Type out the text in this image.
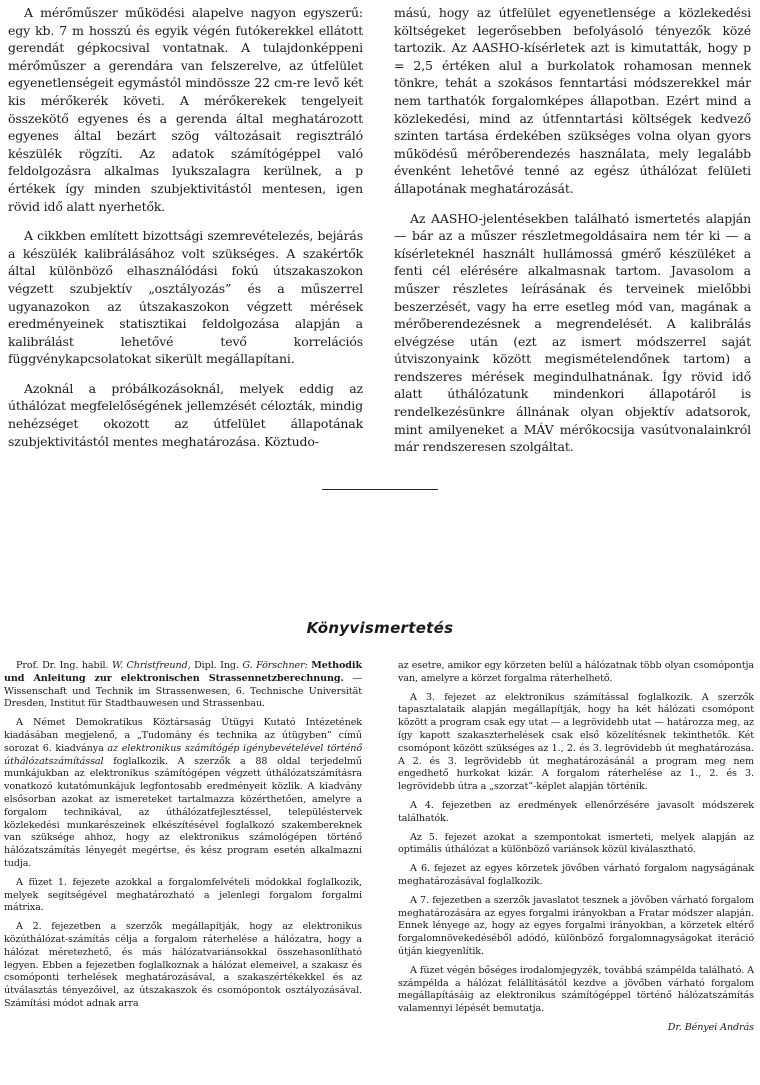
A mérőműszer működési alapelve nagyon egyszerű: egy kb. 7 m hosszú és egyik végén futókerekkel ellátott gerendát gépkocsival vontatnak. A tulajdonképpeni mérőműszer a gerendára van felszerelve, az útfelület egyenetlenségeit egymástól mindössze 22 cm-re levő két kis mérőkerék követi. A mérőkerekek tengelyeit összekötő egyenes és a gerenda által meghatározott egyenes által bezárt szög változásait regisztráló készülék rögzíti. Az adatok számítógéppel való feldolgozásra alkalmas lyukszalagra kerülnek, a p értékek így minden szubjektivitástól mentesen, igen rövid idő alatt nyerhetők.

A cikkben említett bizottsági szemrevételezés, bejárás a készülék kalibrálásához volt szükséges. A szakértők által különböző elhasználódási fokú útszakaszokon végzett szubjektív „osztályozás” és a műszerrel ugyanazokon az útszakaszokon végzett mérések eredményeinek statisztikai feldolgozása alapján a kalibrálást lehetővé tevő korrelációs függvénykapcsolatokat sikerült megállapítani.

Azoknál a próbálkozásoknál, melyek eddig az úthálózat megfelelőségének jellemzését célozták, mindig nehézséget okozott az útfelület állapotának szubjektivitástól mentes meghatározása. Köztudo-

mású, hogy az útfelület egyenetlensége a közlekedési költségeket legerősebben befolyásoló tényezők közé tartozik. Az AASHO-kísérletek azt is kimutatták, hogy p = 2,5 értéken alul a burkolatok rohamosan mennek tönkre, tehát a szokásos fenntartási módszerekkel már nem tarthatók forgalomképes állapotban. Ezért mind a közlekedési, mind az útfenntartási költségek kedvező szinten tartása érdekében szükséges volna olyan gyors működésű mérőberendezés használata, mely legalább évenként lehetővé tenné az egész úthálózat felületi állapotának meghatározását.

Az AASHO-jelentésekben található ismertetés alapján — bár az a műszer részletmegoldásaira nem tér ki — a kísérleteknél használt hullámossá gmérő készüléket a fenti cél elérésére alkalmasnak tartom. Javasolom a műszer részletes leírásának és terveinek mielőbbi beszerzését, vagy ha erre esetleg mód van, magának a mérőberendezésnek a megrendelését. A kalibrálás elvégzése után (ezt az ismert módszerrel saját útviszonyaink között megismételendőnek tartom) a rendszeres mérések megindulhatnának. Így rövid idő alatt úthálózatunk mindenkori állapotáról is rendelkezésünkre állnának olyan objektív adatsorok, mint amilyeneket a MÁV mérőkocsija vasútvonalainkról már rendszeresen szolgáltat.

Könyvismertetés

Prof. Dr. Ing. habil. W. Christfreund, Dipl. Ing. G. Förschner: Methodik und Anleitung zur elektronischen Strassennetzberechnung. — Wissenschaft und Technik im Strassenwesen, 6. Technische Universität Dresden, Institut für Stadtbauwesen und Strassenbau.

A Német Demokratikus Köztársaság Útügyi Kutató Intézetének kiadásában megjelenő, a „Tudomány és technika az útügyben” című sorozat 6. kiadványa az elektronikus számítógép igénybevételével történő úthálózatszámítással foglalkozik. A szerzők a 88 oldal terjedelmű munkájukban az elektronikus számítógépen végzett úthálózatszámításra vonatkozó kutatómunkájuk legfontosabb eredményeit közlik. A kiadvány elsősorban azokat az ismereteket tartalmazza közérthetően, amelyre a forgalom technikával, az úthálózatfejlesztéssel, településtervek közlekedési munkarészeinek elkészítésével foglalkozó szakembereknek van szüksége ahhoz, hogy az elektronikus számológépen történő hálózatszámítás lényegét megértse, és kész program esetén alkalmazni tudja.

A füzet 1. fejezete azokkal a forgalomfelvételi módokkal foglalkozik, melyek segítségével meghatározható a jelenlegi forgalom forgalmi mátrixa.

A 2. fejezetben a szerzők megállapítják, hogy az elektronikus közúthálózat-számítás célja a forgalom ráterhelése a hálózatra, hogy a hálózat méretezhető, és más hálózatvariánsokkal összehasonlítható legyen. Ebben a fejezetben foglalkoznak a hálózat elemeivel, a szakasz és csomóponti terhelések meghatározásával, a szakaszértékekkel és az útválasztás tényezőivel, az útszakaszok és csomópontok osztályozásával. Számítási módot adnak arra

az esetre, amikor egy körzeten belül a hálózatnak több olyan csomópontja van, amelyre a körzet forgalma ráterhelhető.

A 3. fejezet az elektronikus számítással foglalkozik. A szerzők tapasztalataik alapján megállapítják, hogy ha két hálózati csomópont között a program csak egy utat — a legrövidebb utat — határozza meg, az így kapott szakaszterhelések csak első közelítésnek tekinthetők. Két csomópont között szükséges az 1., 2. és 3. legrövidebb út meghatározása. A 2. és 3. legrövidebb út meghatározásánál a program meg nem engedhető hurkokat kizár. A forgalom ráterhelése az 1., 2. és 3. legrövidebb útra a „szorzat”-képlet alapján történik.

A 4. fejezetben az eredmények ellenőrzésére javasolt módszerek találhatók.

Az 5. fejezet azokat a szempontokat ismerteti, melyek alapján az optimális úthálózat a különböző variánsok közül kiválasztható.

A 6. fejezet az egyes körzetek jövőben várható forgalom nagyságának meghatározásával foglalkozik.

A 7. fejezetben a szerzők javaslatot tesznek a jövőben várható forgalom meghatározására az egyes forgalmi irányokban a Fratar módszer alapján. Ennek lényege az, hogy az egyes forgalmi irányokban, a körzetek eltérő forgalomnövekedéséből adódó, különböző forgalomnagyságokat iteráció útján kiegyenlítik.

A füzet végén bőséges irodalomjegyzék, továbbá számpélda található. A számpélda a hálózat felállításától kezdve a jövőben várható forgalom megállapításáig az elektronikus számítógéppel történő hálózatszámítás valamennyi lépését bemutatja.

Dr. Bényei András
